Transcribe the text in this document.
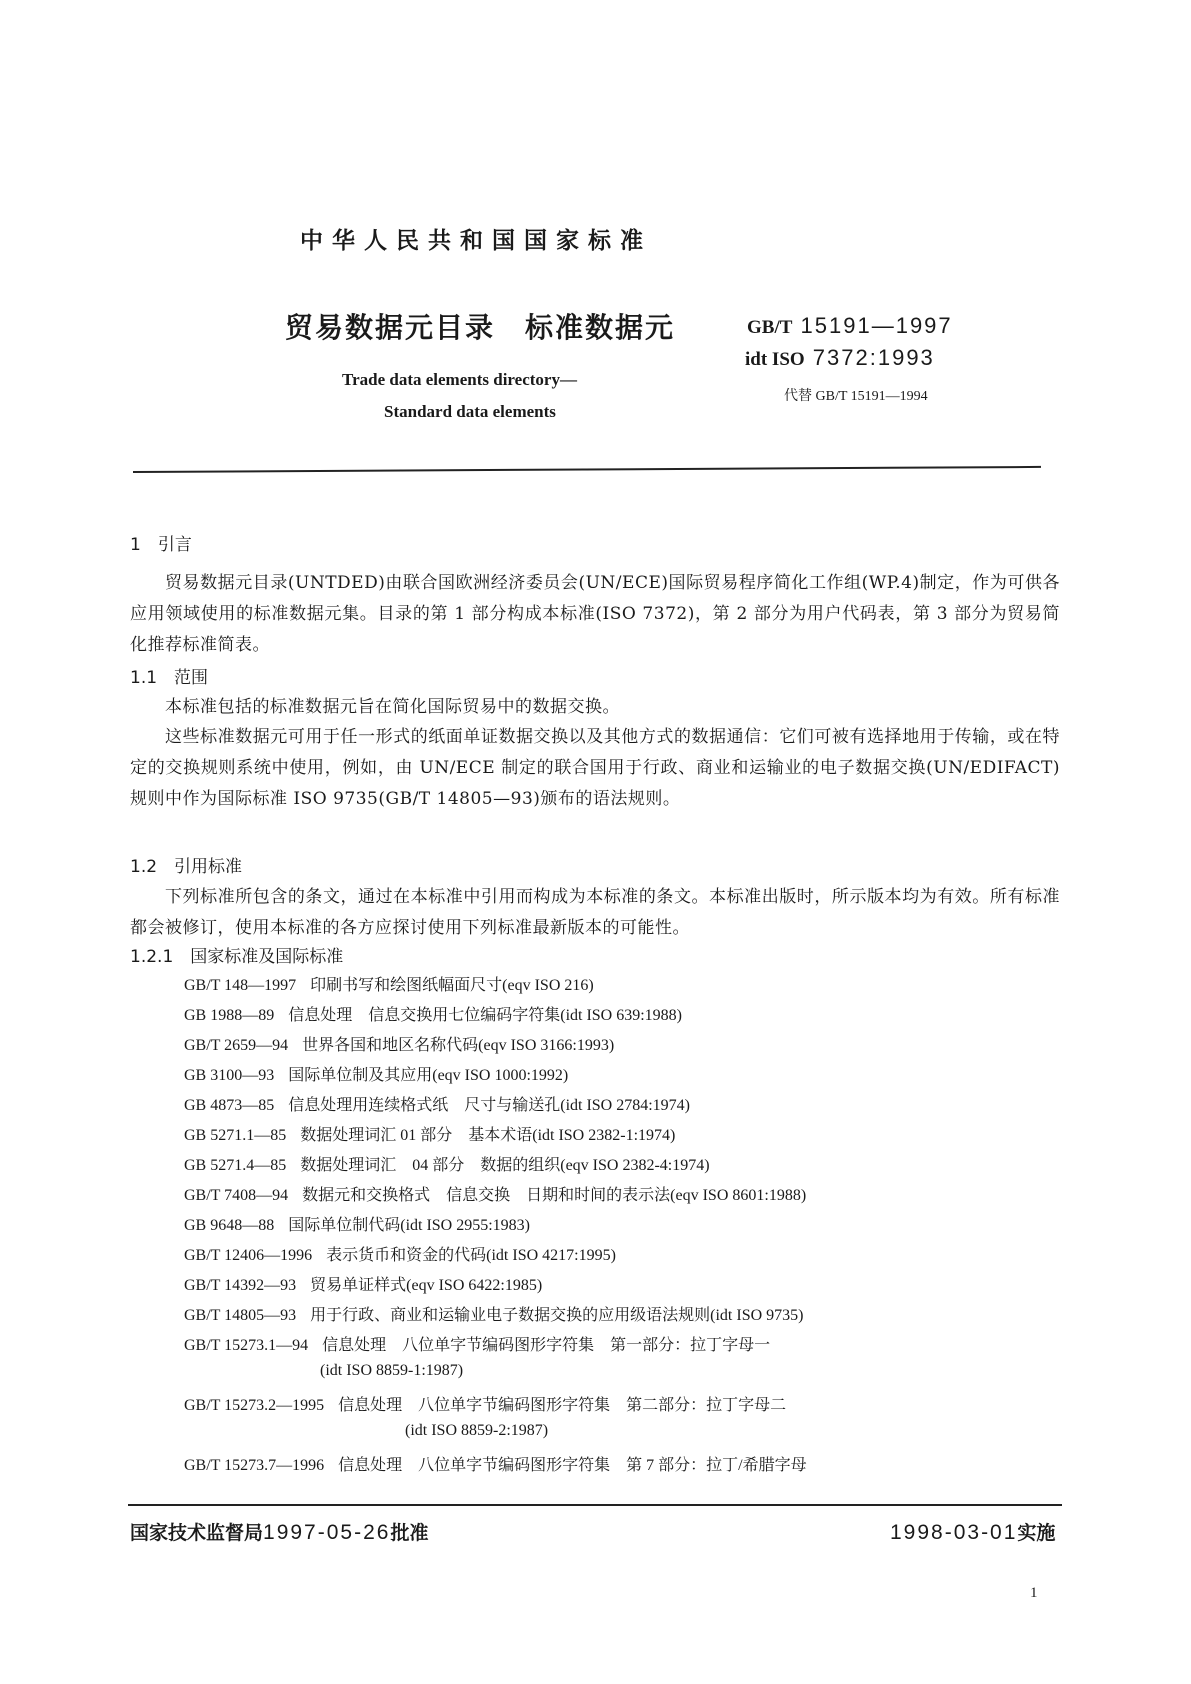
中华人民共和国国家标准
贸易数据元目录　标准数据元
Trade data elements directory—
Standard data elements
GB/T 15191—1997
idt ISO 7372:1993
代替 GB/T 15191—1994
1　引言
贸易数据元目录(UNTDED)由联合国欧洲经济委员会(UN/ECE)国际贸易程序简化工作组(WP.4)制定，作为可供各应用领域使用的标准数据元集。目录的第 1 部分构成本标准(ISO 7372)，第 2 部分为用户代码表，第 3 部分为贸易简化推荐标准简表。
1.1　范围
本标准包括的标准数据元旨在简化国际贸易中的数据交换。
这些标准数据元可用于任一形式的纸面单证数据交换以及其他方式的数据通信：它们可被有选择地用于传输，或在特定的交换规则系统中使用，例如，由 UN/ECE 制定的联合国用于行政、商业和运输业的电子数据交换(UN/EDIFACT)规则中作为国际标准 ISO 9735(GB/T 14805—93)颁布的语法规则。
1.2　引用标准
下列标准所包含的条文，通过在本标准中引用而构成为本标准的条文。本标准出版时，所示版本均为有效。所有标准都会被修订，使用本标准的各方应探讨使用下列标准最新版本的可能性。
1.2.1　国家标准及国际标准
GB/T 148—1997 印刷书写和绘图纸幅面尺寸(eqv ISO 216)
GB 1988—89 信息处理　信息交换用七位编码字符集(idt ISO 639:1988)
GB/T 2659—94 世界各国和地区名称代码(eqv ISO 3166:1993)
GB 3100—93 国际单位制及其应用(eqv ISO 1000:1992)
GB 4873—85 信息处理用连续格式纸　尺寸与输送孔(idt ISO 2784:1974)
GB 5271.1—85 数据处理词汇 01 部分　基本术语(idt ISO 2382-1:1974)
GB 5271.4—85 数据处理词汇　04 部分　数据的组织(eqv ISO 2382-4:1974)
GB/T 7408—94 数据元和交换格式　信息交换　日期和时间的表示法(eqv ISO 8601:1988)
GB 9648—88 国际单位制代码(idt ISO 2955:1983)
GB/T 12406—1996 表示货币和资金的代码(idt ISO 4217:1995)
GB/T 14392—93 贸易单证样式(eqv ISO 6422:1985)
GB/T 14805—93 用于行政、商业和运输业电子数据交换的应用级语法规则(idt ISO 9735)
GB/T 15273.1—94 信息处理　八位单字节编码图形字符集　第一部分：拉丁字母一
(idt ISO 8859-1:1987)
GB/T 15273.2—1995 信息处理　八位单字节编码图形字符集　第二部分：拉丁字母二
(idt ISO 8859-2:1987)
GB/T 15273.7—1996 信息处理　八位单字节编码图形字符集　第 7 部分：拉丁/希腊字母
国家技术监督局1997-05-26批准	1998-03-01实施
1
